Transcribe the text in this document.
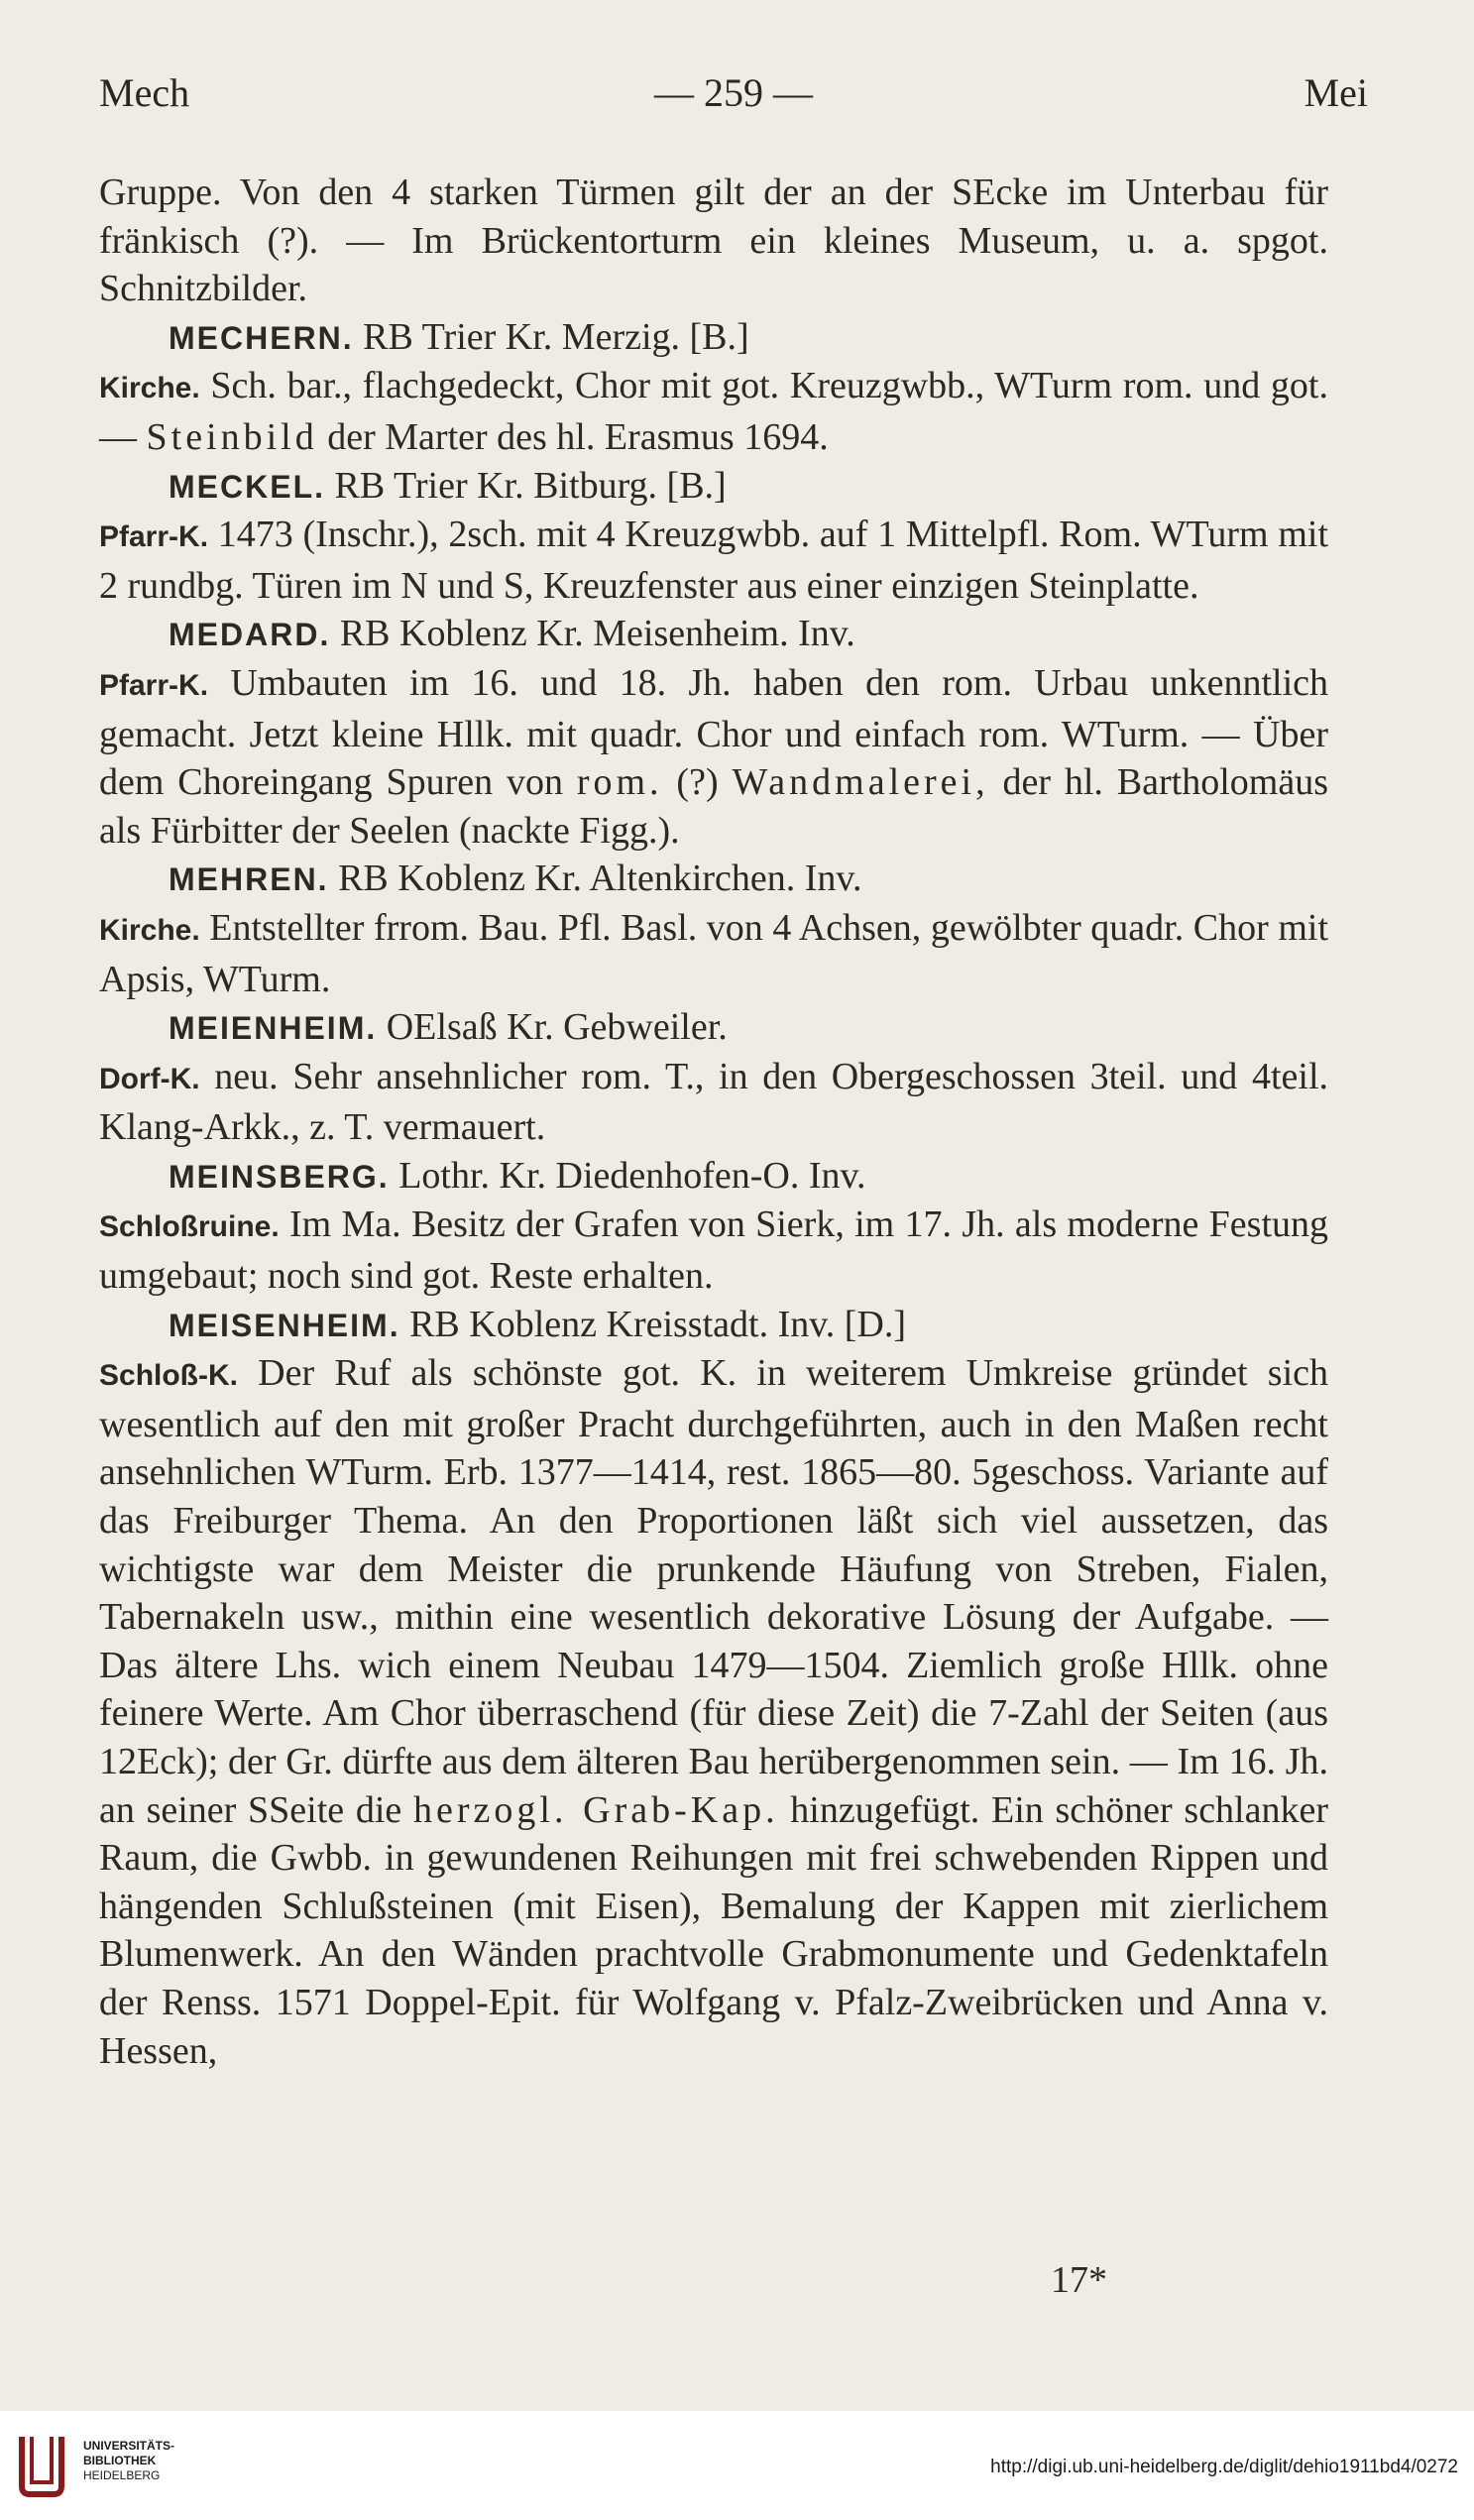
Mech	— 259 —	Mei

Gruppe. Von den 4 starken Türmen gilt der an der SEcke im Unterbau für fränkisch (?). — Im Brückentorturm ein kleines Museum, u. a. spgot. Schnitzbilder.

MECHERN. RB Trier Kr. Merzig. [B.]

Kirche. Sch. bar., flachgedeckt, Chor mit got. Kreuzgwbb., WTurm rom. und got. — Steinbild der Marter des hl. Erasmus 1694.

MECKEL. RB Trier Kr. Bitburg. [B.]

Pfarr-K. 1473 (Inschr.), 2sch. mit 4 Kreuzgwbb. auf 1 Mittelpfl. Rom. WTurm mit 2 rundbg. Türen im N und S, Kreuzfenster aus einer einzigen Steinplatte.

MEDARD. RB Koblenz Kr. Meisenheim. Inv.

Pfarr-K. Umbauten im 16. und 18. Jh. haben den rom. Urbau unkenntlich gemacht. Jetzt kleine Hllk. mit quadr. Chor und einfach rom. WTurm. — Über dem Choreingang Spuren von rom. (?) Wandmalerei, der hl. Bartholomäus als Fürbitter der Seelen (nackte Figg.).

MEHREN. RB Koblenz Kr. Altenkirchen. Inv.

Kirche. Entstellter frrom. Bau. Pfl. Basl. von 4 Achsen, gewölbter quadr. Chor mit Apsis, WTurm.

MEIENHEIM. OElsaß Kr. Gebweiler.

Dorf-K. neu. Sehr ansehnlicher rom. T., in den Obergeschossen 3teil. und 4teil. Klang-Arkk., z. T. vermauert.

MEINSBERG. Lothr. Kr. Diedenhofen-O. Inv.

Schloßruine. Im Ma. Besitz der Grafen von Sierk, im 17. Jh. als moderne Festung umgebaut; noch sind got. Reste erhalten.

MEISENHEIM. RB Koblenz Kreisstadt. Inv. [D.]

Schloß-K. Der Ruf als schönste got. K. in weiterem Umkreise gründet sich wesentlich auf den mit großer Pracht durchgeführten, auch in den Maßen recht ansehnlichen WTurm. Erb. 1377—1414, rest. 1865—80. 5geschoss. Variante auf das Freiburger Thema. An den Proportionen läßt sich viel aussetzen, das wichtigste war dem Meister die prunkende Häufung von Streben, Fialen, Tabernakeln usw., mithin eine wesentlich dekorative Lösung der Aufgabe. — Das ältere Lhs. wich einem Neubau 1479—1504. Ziemlich große Hllk. ohne feinere Werte. Am Chor überraschend (für diese Zeit) die 7-Zahl der Seiten (aus 12Eck); der Gr. dürfte aus dem älteren Bau herübergenommen sein. — Im 16. Jh. an seiner SSeite die herzogl. Grab-Kap. hinzugefügt. Ein schöner schlanker Raum, die Gwbb. in gewundenen Reihungen mit frei schwebenden Rippen und hängenden Schlußsteinen (mit Eisen), Bemalung der Kappen mit zierlichem Blumenwerk. An den Wänden prachtvolle Grabmonumente und Gedenktafeln der Renss. 1571 Doppel-Epit. für Wolfgang v. Pfalz-Zweibrücken und Anna v. Hessen,

17*
UNIVERSITÄTS-
BIBLIOTHEK
HEIDELBERG	http://digi.ub.uni-heidelberg.de/diglit/dehio1911bd4/0272
